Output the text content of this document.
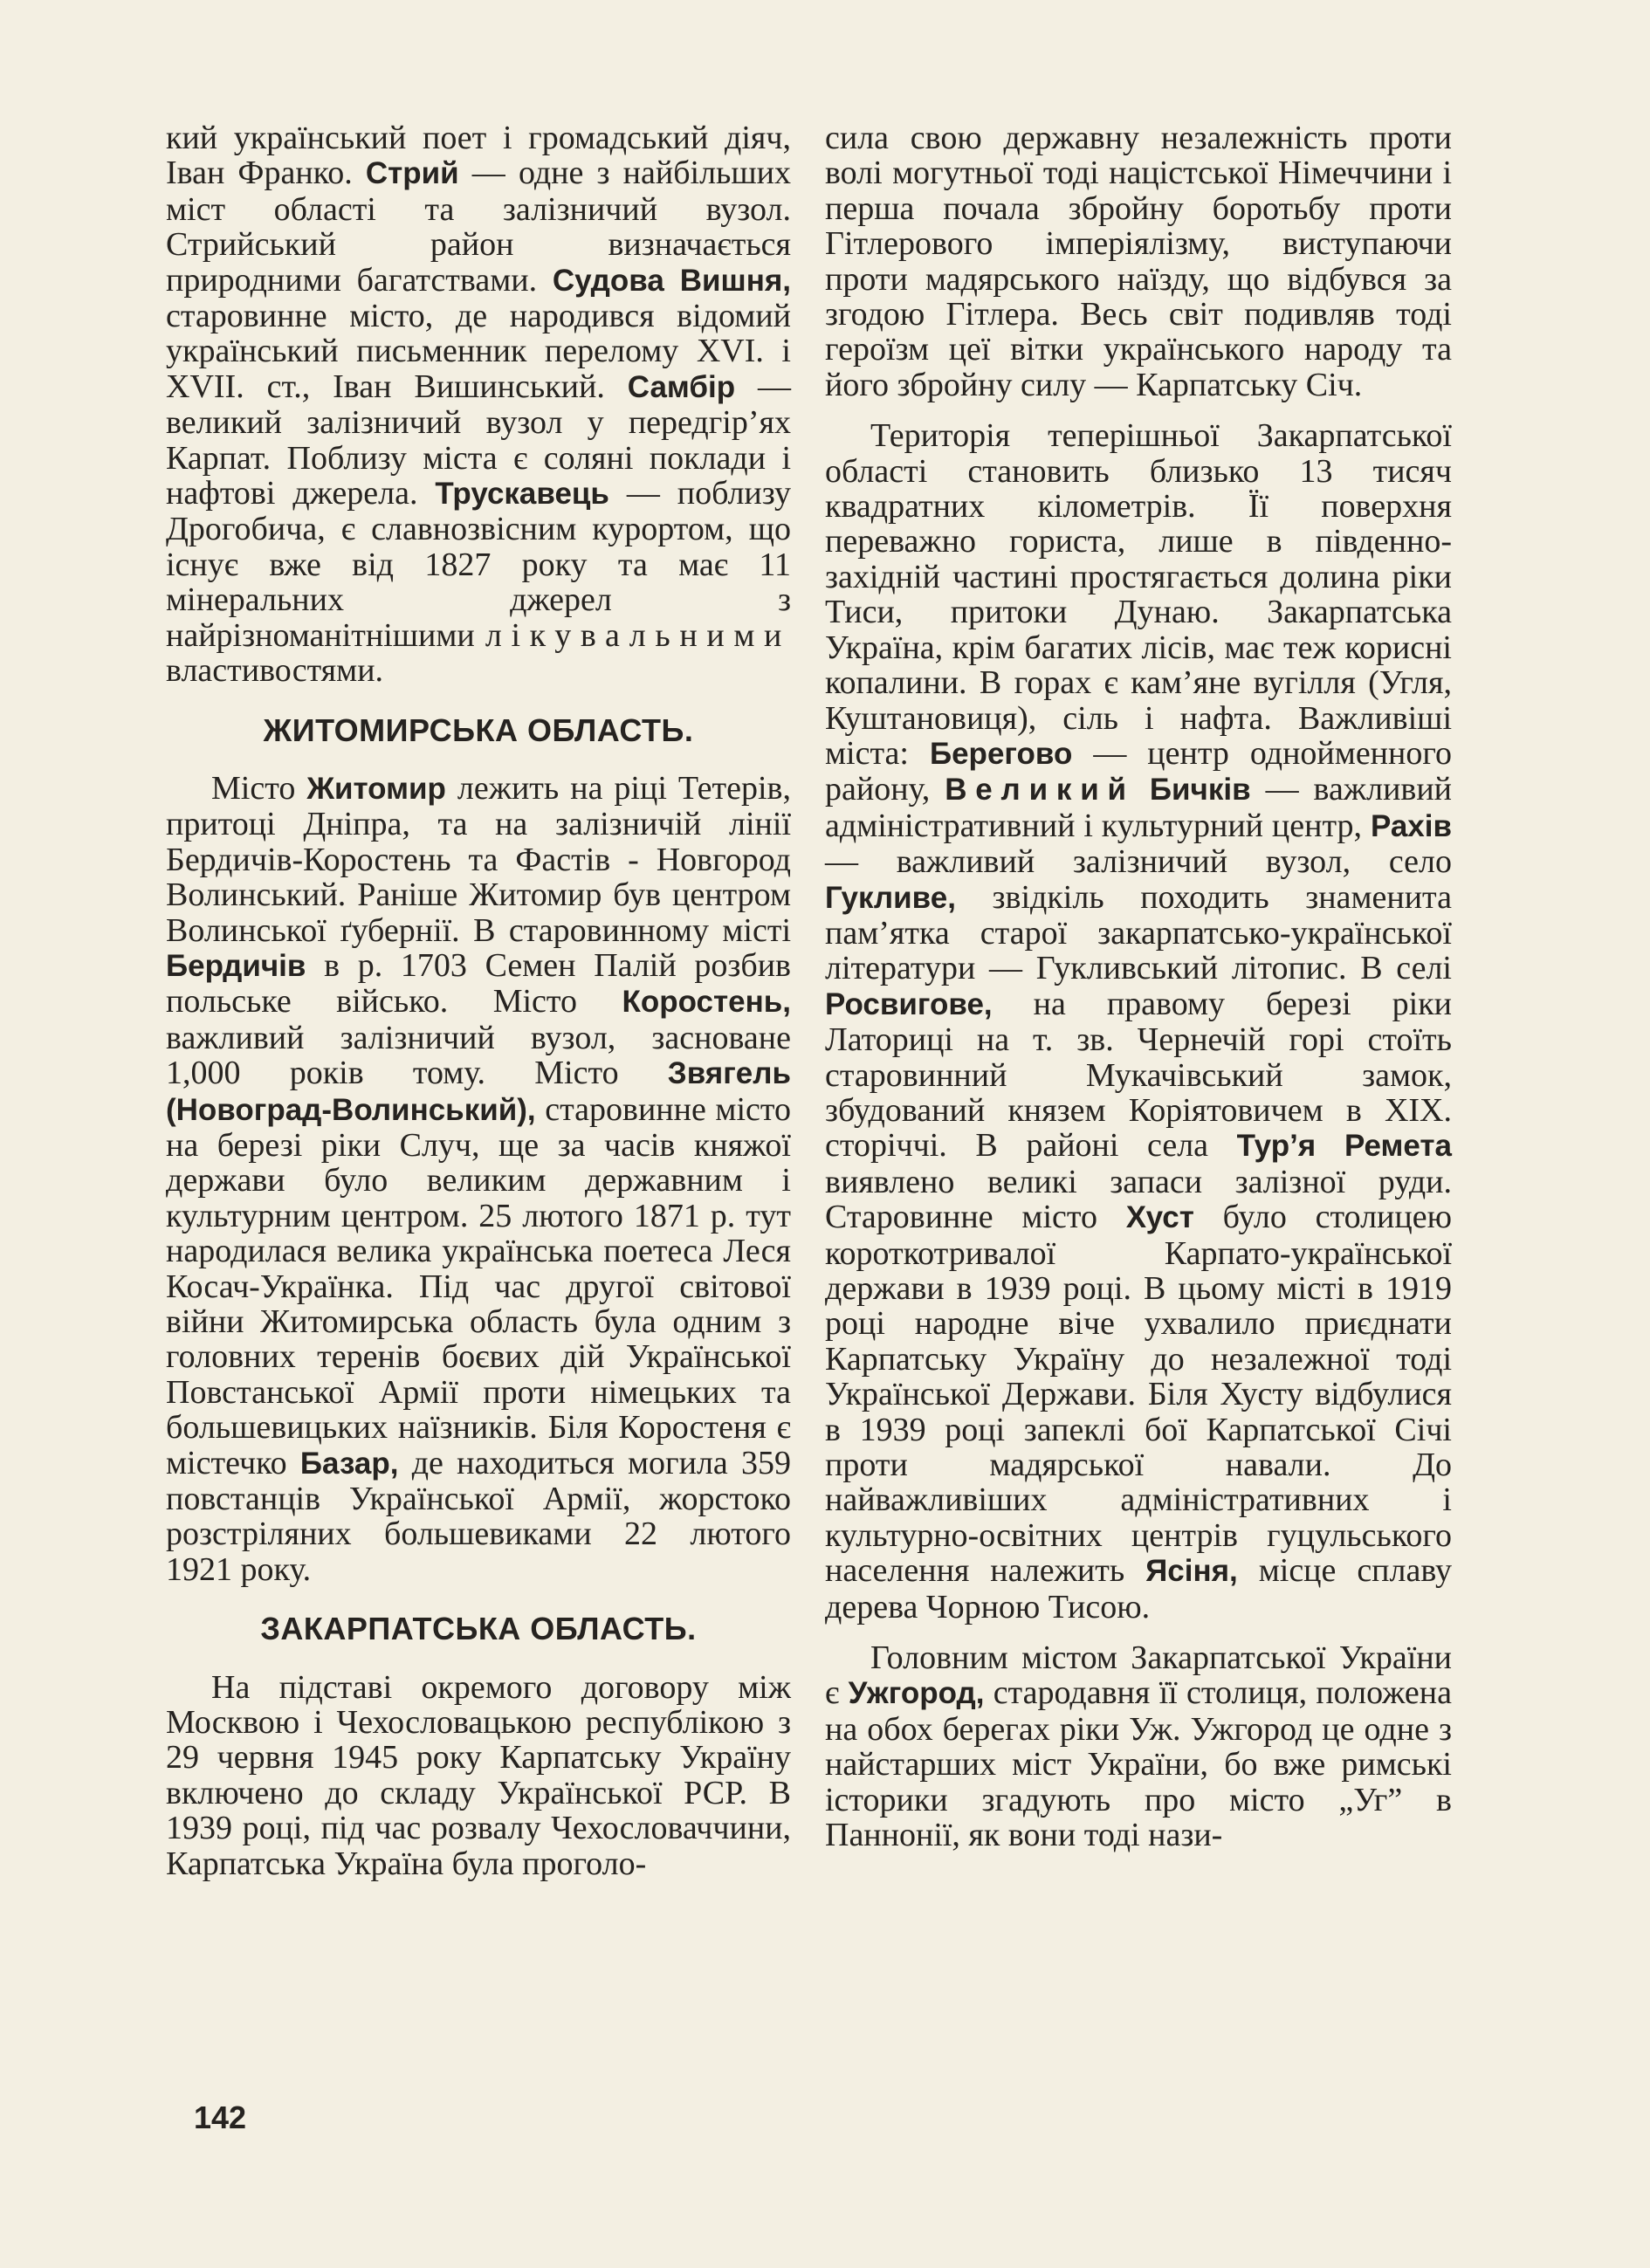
кий український поет і громадський діяч, Іван Франко. Стрий — одне з найбільших міст області та залізничий вузол. Стрийський район визначається природними багатствами. Судова Вишня, старовинне місто, де народився відомий український письменник перелому XVI. і XVII. ст., Іван Вишинський. Самбір — великий залізничий вузол у передгір’ях Карпат. Поблизу міста є соляні поклади і нафтові джерела. Трускавець — поблизу Дрогобича, є славнозвісним курортом, що існує вже від 1827 року та має 11 мінеральних джерел з найрізноманітнішими лікувальними властивостями.

ЖИТОМИРСЬКА ОБЛАСТЬ.

Місто Житомир лежить на ріці Тетерів, притоці Дніпра, та на залізничій лінії Бердичів-Коростень та Фастів - Новгород Волинський. Раніше Житомир був центром Волинської ґубернії. В старовинному місті Бердичів в р. 1703 Семен Палій розбив польське військо. Місто Коростень, важливий залізничий вузол, засноване 1,000 років тому. Місто Звягель (Новоград-Волинський), старовинне місто на березі ріки Случ, ще за часів княжої держави було великим державним і культурним центром. 25 лютого 1871 р. тут народилася велика українська поетеса Леся Косач-Українка. Під час другої світової війни Житомирська область була одним з головних теренів боєвих дій Української Повстанської Армії проти німецьких та большевицьких наїзників. Біля Коростеня є містечко Базар, де находиться могила 359 повстанців Української Армії, жорстоко розстріляних большевиками 22 лютого 1921 року.

ЗАКАРПАТСЬКА ОБЛАСТЬ.

На підставі окремого договору між Москвою і Чехословацькою республікою з 29 червня 1945 року Карпатську Україну включено до складу Української РСР. В 1939 році, під час розвалу Чехословаччини, Карпатська Україна була проголо-

сила свою державну незалежність проти волі могутньої тоді націстської Німеччини і перша почала збройну боротьбу проти Гітлерового імперіялізму, виступаючи проти мадярського наїзду, що відбувся за згодою Гітлера. Весь світ подивляв тоді героїзм цеї вітки українського народу та його збройну силу — Карпатську Січ.

Територія теперішньої Закарпатської області становить близько 13 тисяч квадратних кілометрів. Її поверхня переважно гориста, лише в південно-західній частині простягається долина ріки Тиси, притоки Дунаю. Закарпатська Україна, крім багатих лісів, має теж корисні копалини. В горах є кам’яне вугілля (Угля, Куштановиця), сіль і нафта. Важливіші міста: Берегово — центр однойменного району, Великий Бичків — важливий адміністративний і культурний центр, Рахів — важливий залізничий вузол, село Гукливе, звідкіль походить знаменита пам’ятка старої закарпатсько-української літератури — Гукливський літопис. В селі Росвигове, на правому березі ріки Латориці на т. зв. Чернечій горі стоїть старовинний Мукачівський замок, збудований князем Коріятовичем в XIX. сторіччі. В районі села Тур’я Ремета виявлено великі запаси залізної руди. Старовинне місто Хуст було столицею короткотривалої Карпато-української держави в 1939 році. В цьому місті в 1919 році народне віче ухвалило приєднати Карпатську Україну до незалежної тоді Української Держави. Біля Хусту відбулися в 1939 році запеклі бої Карпатської Січі проти мадярської навали. До найважливіших адміністративних і культурно-освітних центрів гуцульського населення належить Ясіня, місце сплаву дерева Чорною Тисою.

Головним містом Закарпатської України є Ужгород, стародавня її столиця, положена на обох берегах ріки Уж. Ужгород це одне з найстарших міст України, бо вже римські історики згадують про місто „Уг” в Паннонії, як вони тоді нази-

142
